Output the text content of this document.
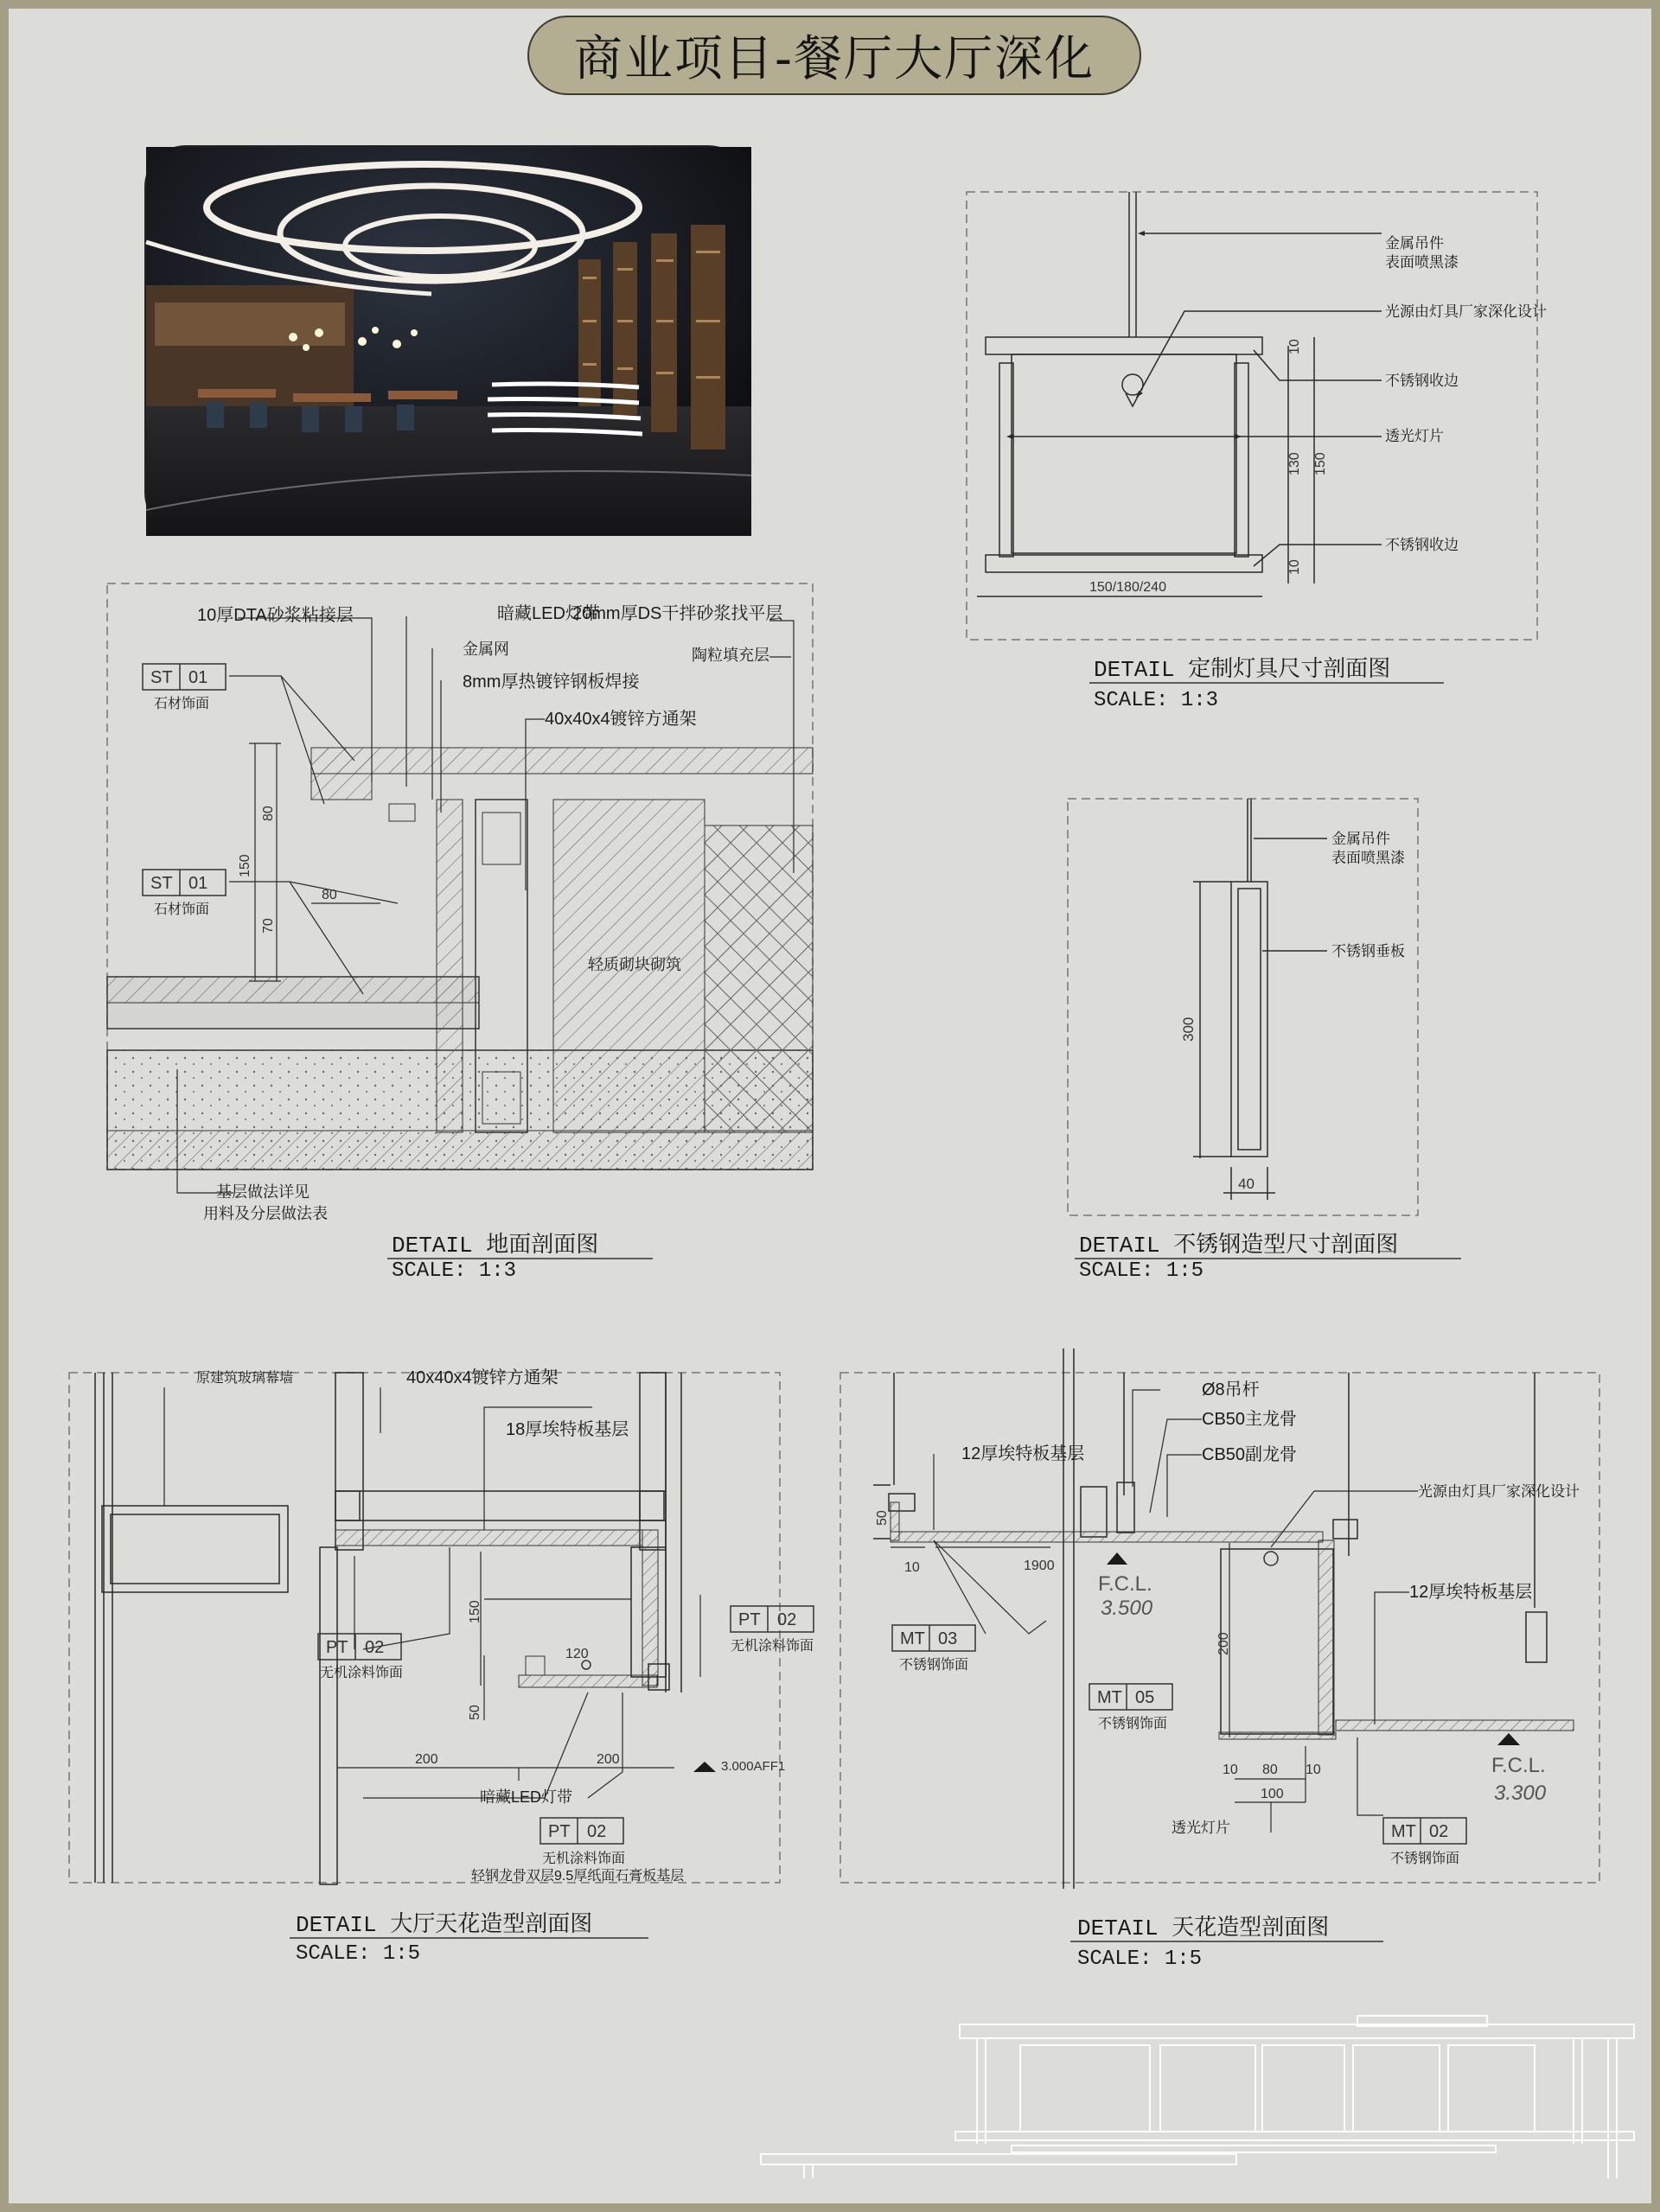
商业项目-餐厅大厅深化
金属吊件
表面喷黑漆
光源由灯具厂家深化设计
不锈钢收边
透光灯片
不锈钢收边
10
130 150
10
150/180/240
DETAIL 定制灯具尺寸剖面图
SCALE: 1:3
ST 01
ST 01
石材饰面
石材饰面
10厚DTA砂浆粘接层	暗藏LED灯带
20mm厚DS干拌砂浆找平层
金属网
8mm厚热镀锌钢板焊接
陶粒填充层
40x40x4镀锌方通架
轻质砌块砌筑
基层做法详见
用料及分层做法表
80
150
70
80
DETAIL 地面剖面图
SCALE: 1:3
金属吊件
表面喷黑漆
不锈钢垂板
300
40
DETAIL 不锈钢造型尺寸剖面图
SCALE: 1:5
PT 02
PT 02
PT 02
无机涂料饰面
无机涂料饰面
原建筑玻璃幕墙	40x40x4镀锌方通架
18厚埃特板基层
暗藏LED灯带
无机涂料饰面
轻钢龙骨双层9.5厚纸面石膏板基层
3.000AFF1
150
120
50
200	200
DETAIL 大厅天花造型剖面图
SCALE: 1:5
MT 03
MT 05
MT 02
不锈钢饰面
不锈钢饰面
不锈钢饰面
Ø8吊杆
CB50主龙骨
CB50副龙骨
12厚埃特板基层
光源由灯具厂家深化设计
12厚埃特板基层
透光灯片
F.C.L.
3.500
F.C.L.
3.300
50
10	1900
200
10 80 10
100
DETAIL 天花造型剖面图
SCALE: 1:5
